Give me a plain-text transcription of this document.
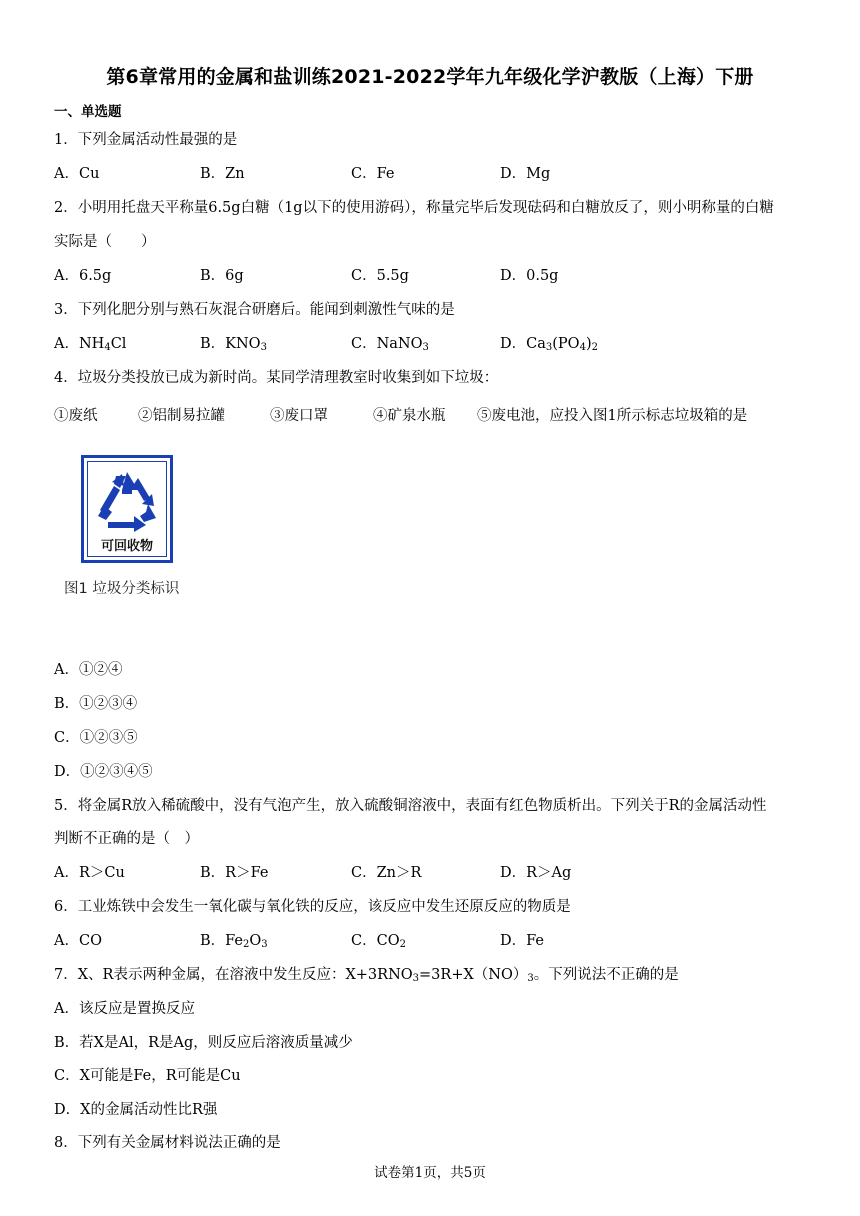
第6章常用的金属和盐训练2021-2022学年九年级化学沪教版（上海）下册
一、单选题
1．下列金属活动性最强的是
A．Cu	B．Zn	C．Fe	D．Mg
2．小明用托盘天平称量6.5g白糖（1g以下的使用游码），称量完毕后发现砝码和白糖放反了，则小明称量的白糖
实际是（　　）
A．6.5g	B．6g	C．5.5g	D．0.5g
3．下列化肥分别与熟石灰混合研磨后。能闻到刺激性气味的是
A．$NH_4Cl$	B．$KNO_3$	C．NaNO$_3$	D．$Ca_3(PO_4)_2$
4．垃圾分类投放已成为新时尚。某同学清理教室时收集到如下垃圾：
①废纸	②铝制易拉罐	③废口罩	④矿泉水瓶 ⑤废电池，应投入图1所示标志垃圾箱的是
可回收物
图1 垃圾分类标识
A．①②④
B．①②③④
C．①②③⑤
D．①②③④⑤
5．将金属R放入稀硫酸中，没有气泡产生，放入硫酸铜溶液中，表面有红色物质析出。下列关于R的金属活动性
判断不正确的是（　）
A．R＞Cu	B．R＞Fe	C．Zn＞R	D．R＞Ag
6．工业炼铁中会发生一氧化碳与氧化铁的反应，该反应中发生还原反应的物质是
A．CO	B．$Fe_2O_3$	C．$CO_2$	D．Fe
7．X、R表示两种金属，在溶液中发生反应：$X+3RNO_3=3R+X(NO)_3$。下列说法不正确的是
A．该反应是置换反应
B．若X是Al，R是Ag，则反应后溶液质量减少
C．X可能是Fe，R可能是Cu
D．X的金属活动性比R强
8．下列有关金属材料说法正确的是
试卷第1页，共5页
